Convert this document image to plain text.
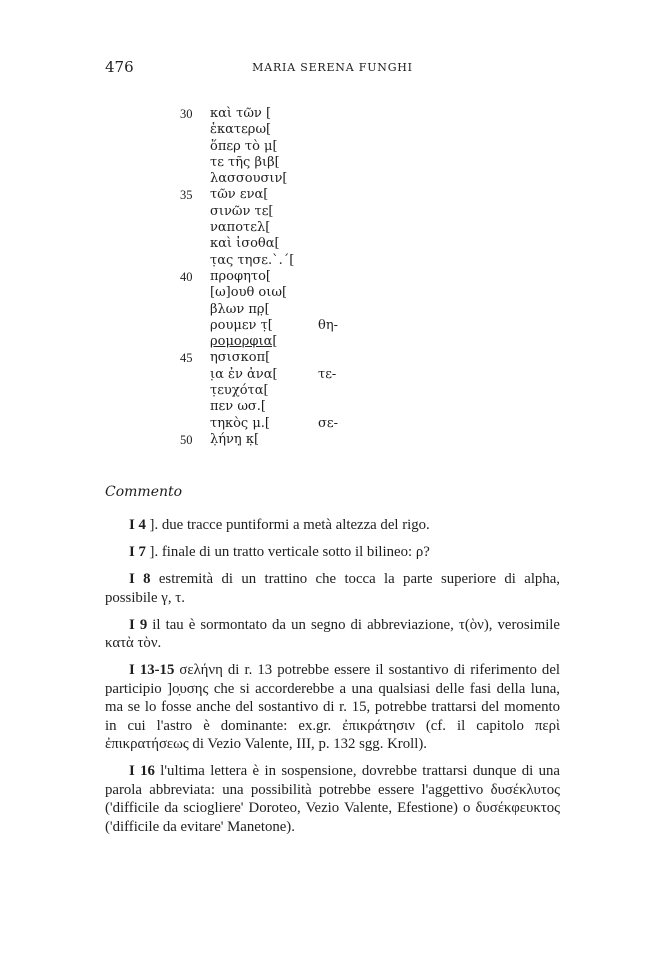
476	MARIA SERENA FUNGHI
30 καὶ τῶν [
ἑκατερω[
ὅπερ τὸ μ[
τε τῆς βιβ[
λασσουσιν[
35 τῶν ενα[
σινῶν τε[
ναποτελ[
καὶ ἰσοθα[
τ̣ας τησε.`.´[
40 προφητο[
[ω]ουθ οιω[
βλων πρ̣[
ρουμεν τ̣[	θη-
ρομορφια[
45 ησισκοπ[
ι̣α ἐν ἀνα[	τε-
τ̣ευχότα[
πεν ωσ.[
τηκὸς μ.[	σε-
50 λ̣ήνη̣ κ̣[
Commento

I 4 ]. due tracce puntiformi a metà altezza del rigo.

I 7 ]. finale di un tratto verticale sotto il bilineo: ρ?

I 8 estremità di un trattino che tocca la parte superiore di alpha, possibile γ, τ.

I 9 il tau è sormontato da un segno di abbreviazione, τ(ὸν), verosimile κατὰ τὸν.

I 13-15 σελήνη di r. 13 potrebbe essere il sostantivo di riferimento del participio ]ο̣υσης che si accorderebbe a una qualsiasi delle fasi della luna, ma se lo fosse anche del sostantivo di r. 15, potrebbe trattarsi del momento in cui l'astro è dominante: ex.gr. ἐπικράτησιν (cf. il capitolo περὶ ἐπικρατήσεως di Vezio Valente, III, p. 132 sgg. Kroll).

I 16 l'ultima lettera è in sospensione, dovrebbe trattarsi dunque di una parola abbreviata: una possibilità potrebbe essere l'aggettivo δυσέκλυτος ('difficile da sciogliere' Doroteo, Vezio Valente, Efestione) o δυσέκφευκτος ('difficile da evitare' Manetone).
